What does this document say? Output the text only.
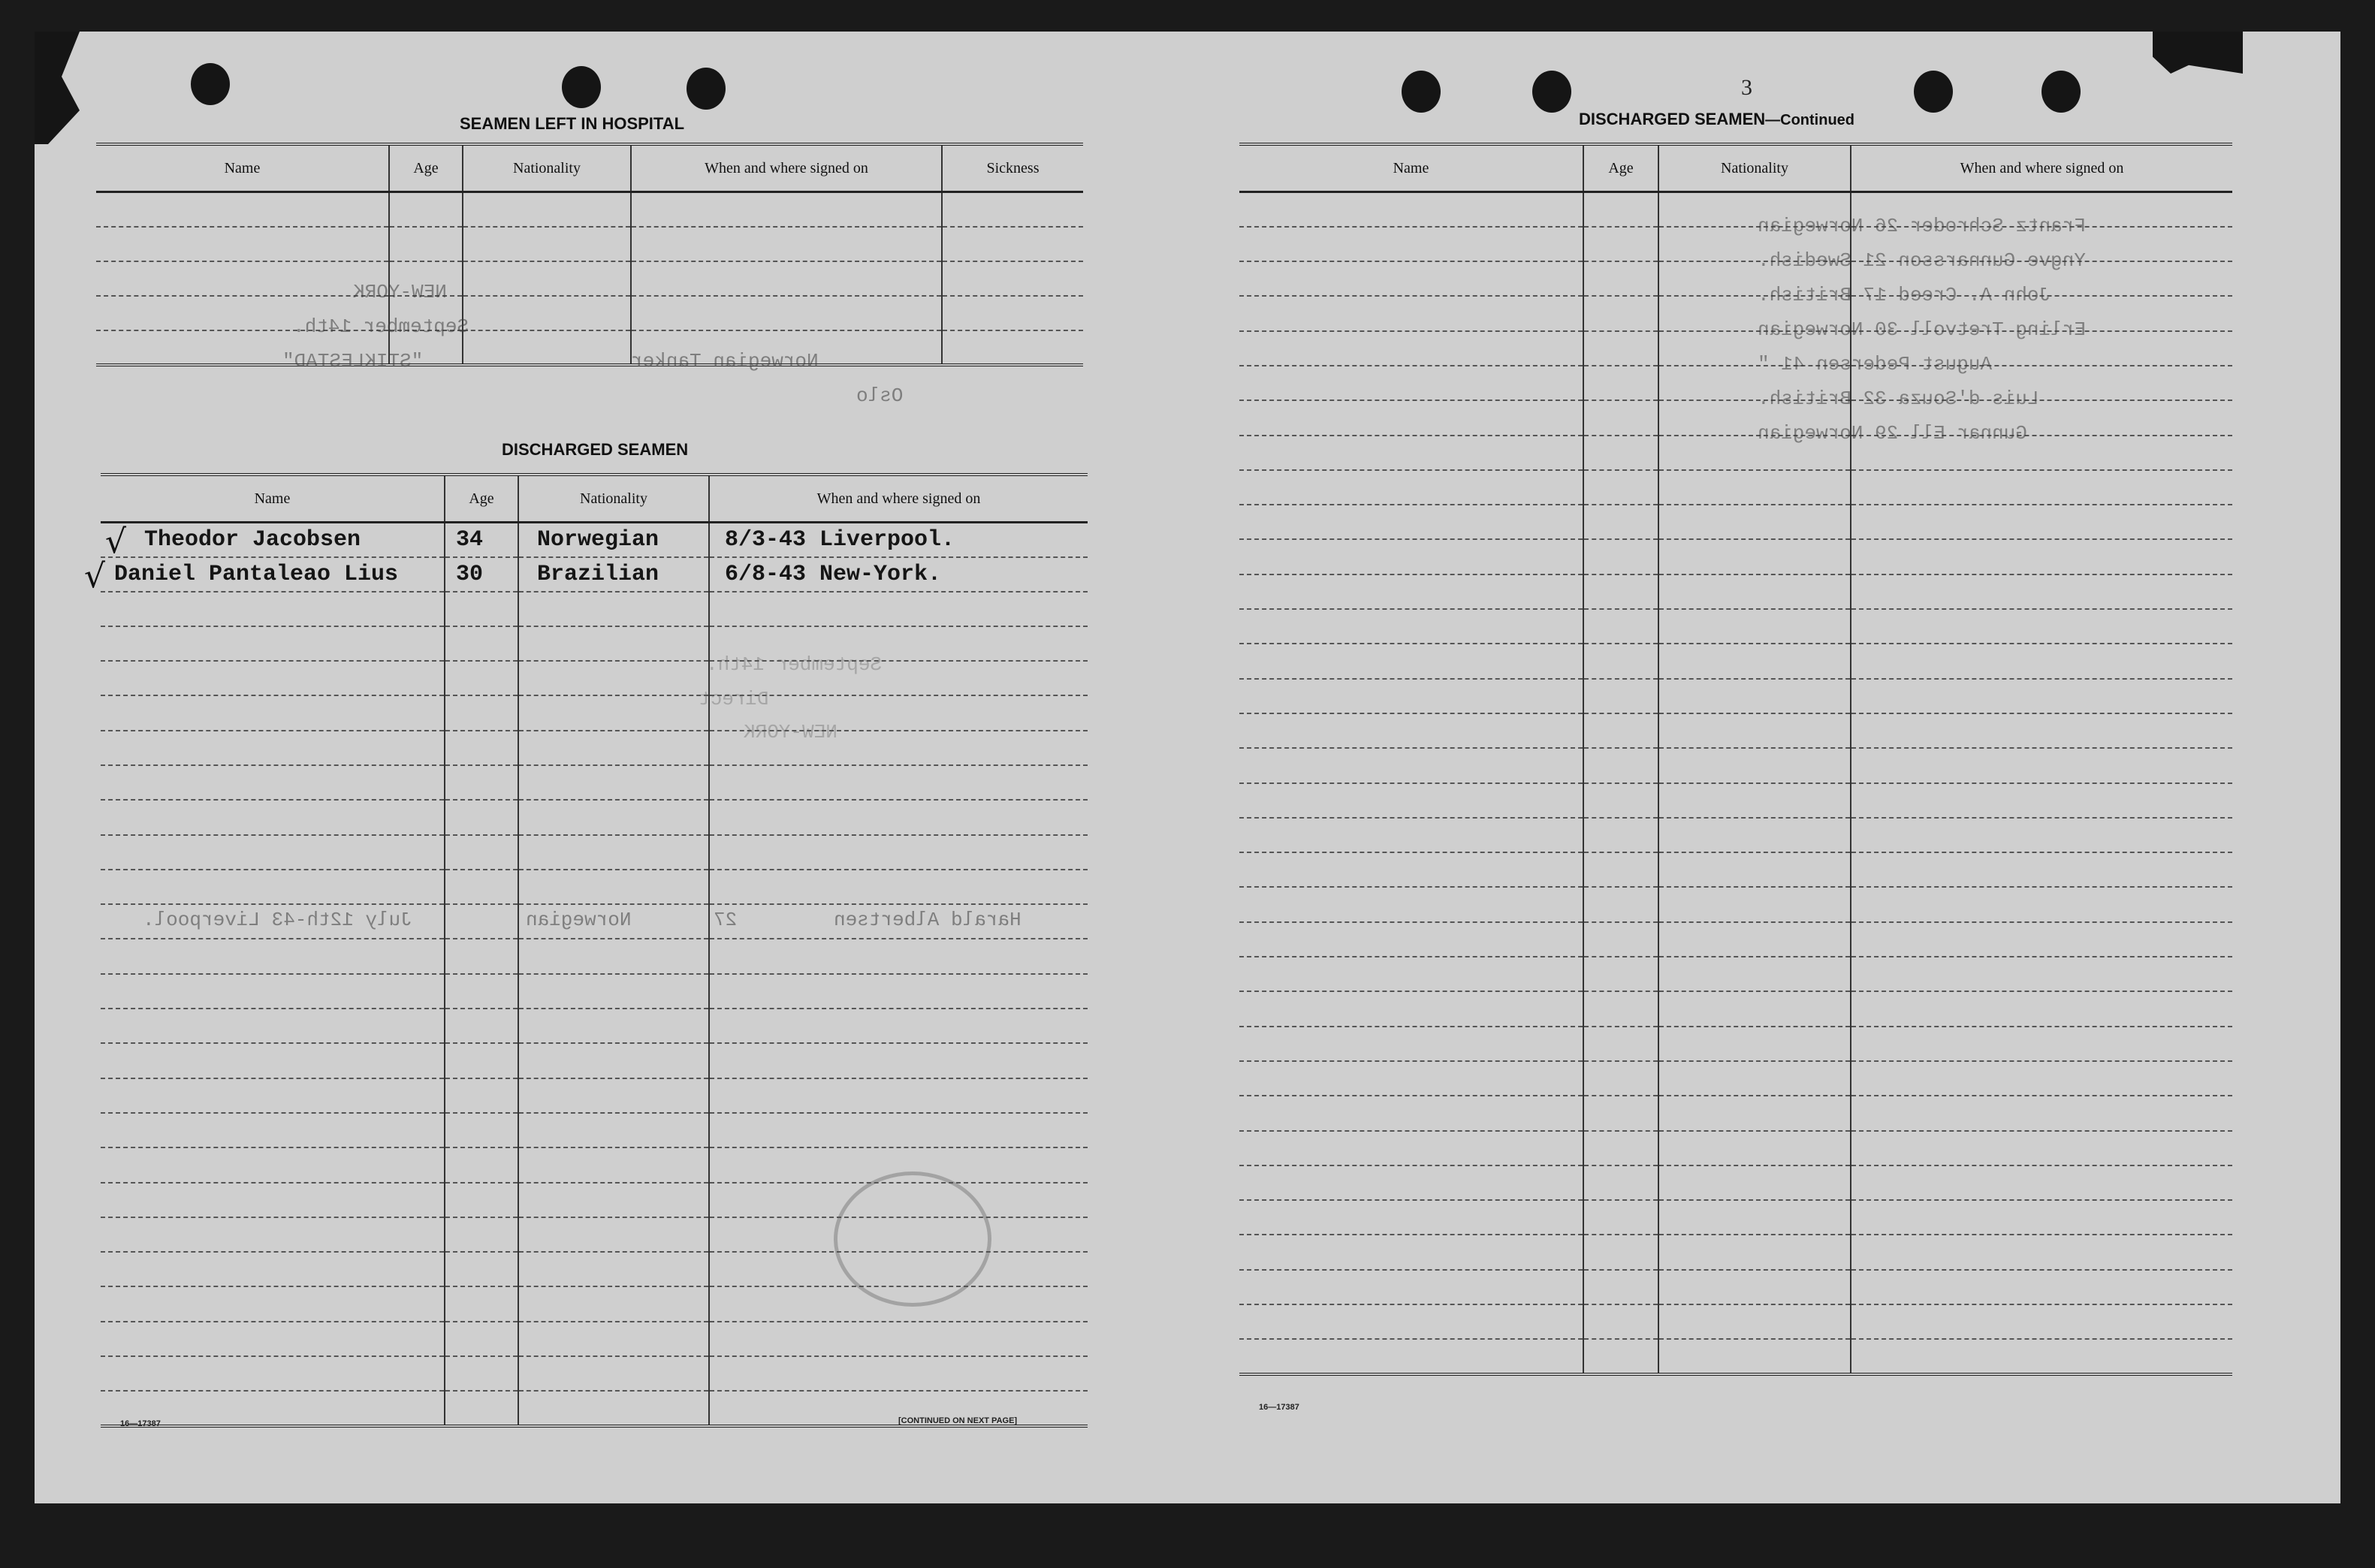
SEAMEN LEFT IN HOSPITAL
Name	Age	Nationality	When and where signed on	Sickness

DISCHARGED SEAMEN
Name	Age	Nationality	When and where signed on
Theodor Jacobsen	34	Norwegian	8/3-43 Liverpool.
Daniel Pantaleao Lius	30	Brazilian	6/8-43 New-York.

√
√
16—17387	[CONTINUED ON NEXT PAGE]
NEW-YORK
September 14th.
"STIKLESTAD"	Norwegian Tanker
Oslo
September 14th.
Direct
NEW-YORK
Harald Albertsen
27
Norwegian
July 12th-43 Liverpool.
3
DISCHARGED SEAMEN—Continued
Name	Age	Nationality	When and where signed on

Frantz Schroder 26 Norwegian
Yngve Gunnarsson 21 Swedish.
John A. Creed 17 British.
Erling Tretvoll 30 Norwegian
August Pedersen 41 "
Luis d'Souza 32 British.
Gunnar Ell 29 Norwegian
16—17387
